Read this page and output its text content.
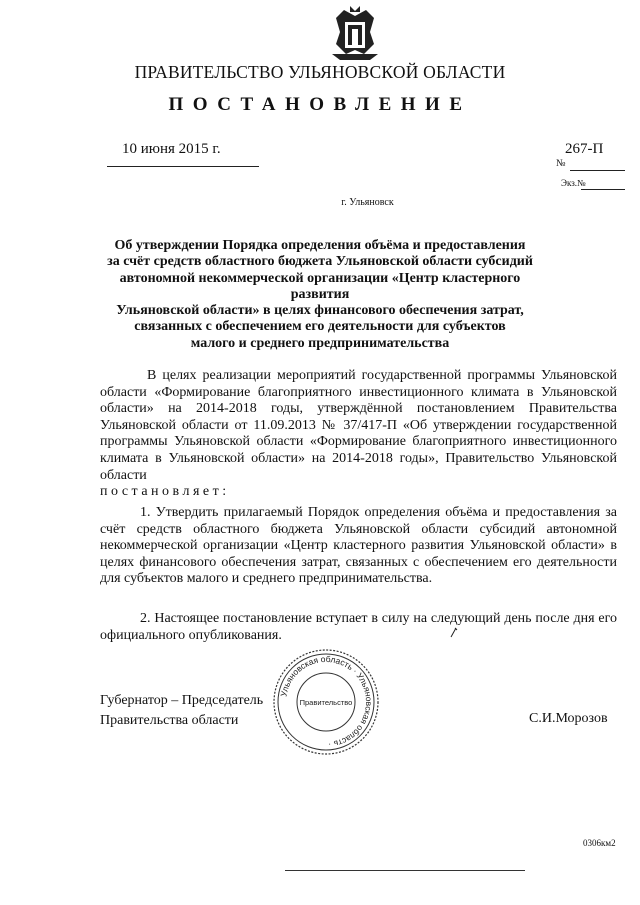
ПРАВИТЕЛЬСТВО УЛЬЯНОВСКОЙ ОБЛАСТИ
ПОСТАНОВЛЕНИЕ
10 июня 2015 г.	267-П
№
Экз.№
г. Ульяновск
Об утверждении Порядка определения объёма и предоставления
за счёт средств областного бюджета Ульяновской области субсидий
автономной некоммерческой организации «Центр кластерного развития
Ульяновской области» в целях финансового обеспечения затрат,
связанных с обеспечением его деятельности для субъектов
малого и среднего предпринимательства
В целях реализации мероприятий государственной программы Ульяновской области «Формирование благоприятного инвестиционного климата в Ульяновской области» на 2014-2018 годы, утверждённой постановлением Правительства Ульяновской области от 11.09.2013 № 37/417-П «Об утверждении государственной программы Ульяновской области «Формирование благоприятного инвестиционного климата в Ульяновской области» на 2014-2018 годы», Правительство Ульяновской области
постановляет:
1. Утвердить прилагаемый Порядок определения объёма и предоставления за счёт средств областного бюджета Ульяновской области субсидий автономной некоммерческой организации «Центр кластерного развития Ульяновской области» в целях финансового обеспечения затрат, связанных с обеспечением его деятельности для субъектов малого и среднего предпринимательства.
2. Настоящее постановление вступает в силу на следующий день после дня его официального опубликования.
Ульяновская область · Ульяновская область ·
Правительство
Губернатор – Председатель
Правительства области	С.И.Морозов
0306км2
